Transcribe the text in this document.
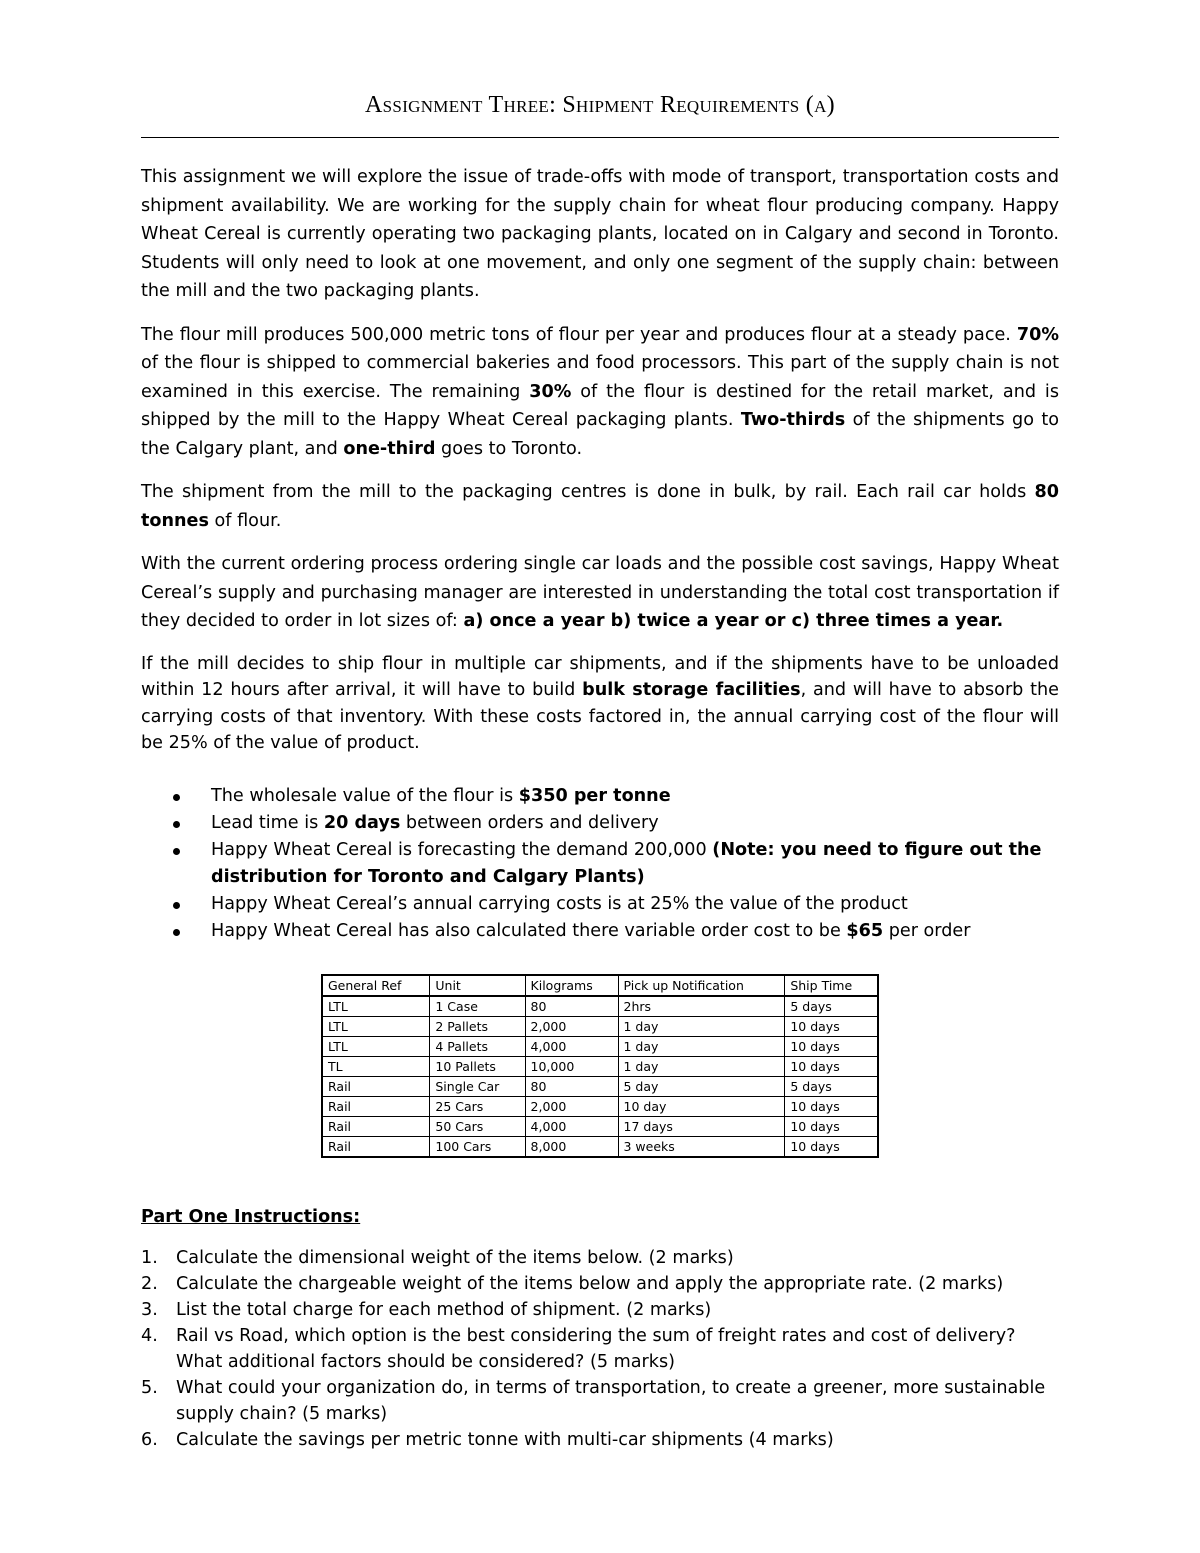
Assignment Three: Shipment Requirements (a)

This assignment we will explore the issue of trade-offs with mode of transport, transportation costs and shipment availability. We are working for the supply chain for wheat flour producing company. Happy Wheat Cereal is currently operating two packaging plants, located on in Calgary and second in Toronto. Students will only need to look at one movement, and only one segment of the supply chain: between the mill and the two packaging plants.

The flour mill produces 500,000 metric tons of flour per year and produces flour at a steady pace. 70% of the flour is shipped to commercial bakeries and food processors. This part of the supply chain is not examined in this exercise. The remaining 30% of the flour is destined for the retail market, and is shipped by the mill to the Happy Wheat Cereal packaging plants. Two-thirds of the shipments go to the Calgary plant, and one-third goes to Toronto.

The shipment from the mill to the packaging centres is done in bulk, by rail. Each rail car holds 80 tonnes of flour.

With the current ordering process ordering single car loads and the possible cost savings, Happy Wheat Cereal’s supply and purchasing manager are interested in understanding the total cost transportation if they decided to order in lot sizes of: a) once a year b) twice a year or c) three times a year.

If the mill decides to ship flour in multiple car shipments, and if the shipments have to be unloaded within 12 hours after arrival, it will have to build bulk storage facilities, and will have to absorb the carrying costs of that inventory. With these costs factored in, the annual carrying cost of the flour will be 25% of the value of product.

The wholesale value of the flour is $350 per tonne
Lead time is 20 days between orders and delivery
Happy Wheat Cereal is forecasting the demand 200,000 (Note: you need to figure out the distribution for Toronto and Calgary Plants)
Happy Wheat Cereal’s annual carrying costs is at 25% the value of the product
Happy Wheat Cereal has also calculated there variable order cost to be $65 per order
General Ref	Unit	Kilograms	Pick up Notification	Ship Time
LTL	1 Case	80	2hrs	5 days
LTL	2 Pallets	2,000	1 day	10 days
LTL	4 Pallets	4,000	1 day	10 days
TL	10 Pallets	10,000	1 day	10 days
Rail	Single Car	80	5 day	5 days
Rail	25 Cars	2,000	10 day	10 days
Rail	50 Cars	4,000	17 days	10 days
Rail	100 Cars	8,000	3 weeks	10 days

Part One Instructions:

1. Calculate the dimensional weight of the items below. (2 marks)
2. Calculate the chargeable weight of the items below and apply the appropriate rate. (2 marks)
3. List the total charge for each method of shipment. (2 marks)
4. Rail vs Road, which option is the best considering the sum of freight rates and cost of delivery? What additional factors should be considered? (5 marks)
5. What could your organization do, in terms of transportation, to create a greener, more sustainable supply chain? (5 marks)
6. Calculate the savings per metric tonne with multi-car shipments (4 marks)
